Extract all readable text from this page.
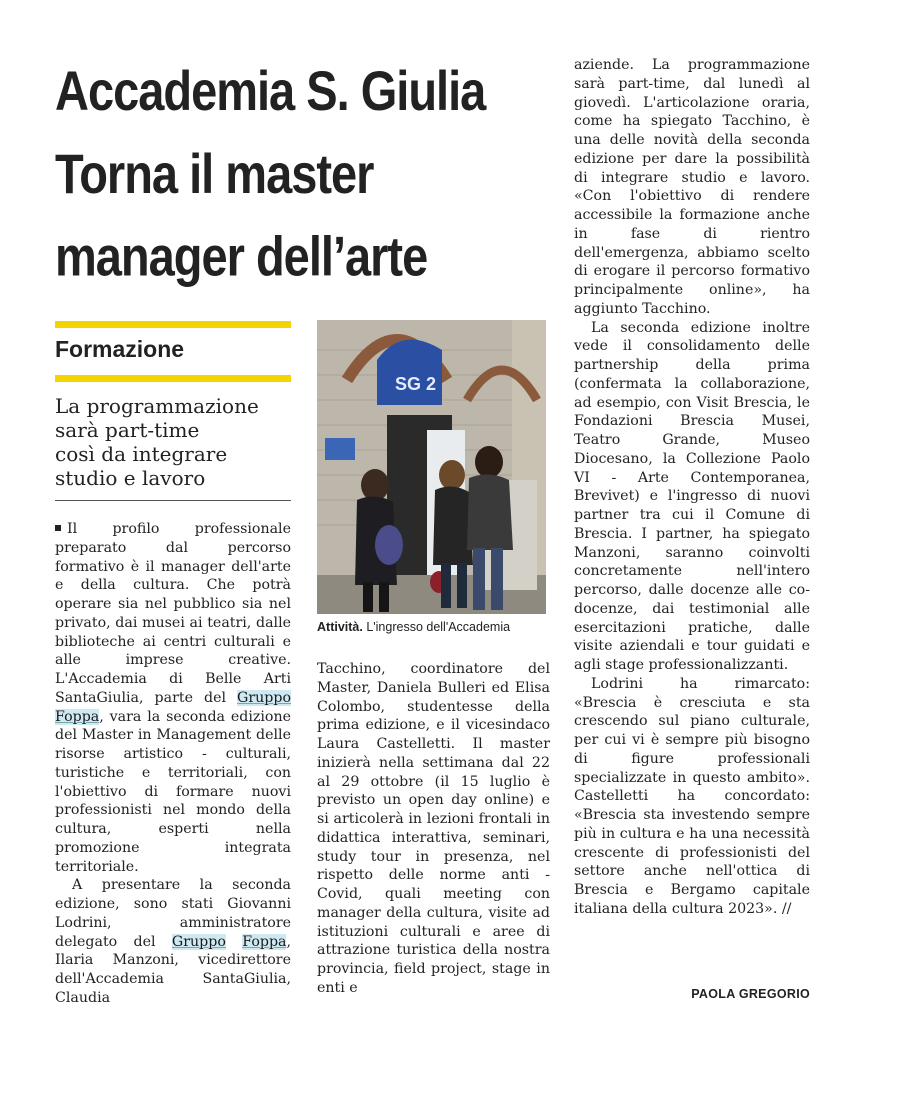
Accademia S. Giulia
Torna il master
manager dell’arte
Formazione
La programmazione
sarà part-time
così da integrare
studio e lavoro

Il profilo professionale preparato dal percorso formativo è il manager dell'arte e della cultura. Che potrà operare sia nel pubblico sia nel privato, dai musei ai teatri, dalle biblioteche ai centri culturali e alle imprese creative. L'Accademia di Belle Arti SantaGiulia, parte del Gruppo Foppa, vara la seconda edizione del Master in Management delle risorse artistico - culturali, turistiche e territoriali, con l'obiettivo di formare nuovi professionisti nel mondo della cultura, esperti nella promozione integrata territoriale.

A presentare la seconda edizione, sono stati Giovanni Lodrini, amministratore delegato del Gruppo Foppa, Ilaria Manzoni, vicedirettore dell'Accademia SantaGiulia, Claudia

SG 2
Attività. L'ingresso dell'Accademia

Tacchino, coordinatore del Master, Daniela Bulleri ed Elisa Colombo, studentesse della prima edizione, e il vicesindaco Laura Castelletti. Il master inizierà nella settimana dal 22 al 29 ottobre (il 15 luglio è previsto un open day online) e si articolerà in lezioni frontali in didattica interattiva, seminari, study tour in presenza, nel rispetto delle norme anti - Covid, quali meeting con manager della cultura, visite ad istituzioni culturali e aree di attrazione turistica della nostra provincia, field project, stage in enti e

aziende. La programmazione sarà part-time, dal lunedì al giovedì. L'articolazione oraria, come ha spiegato Tacchino, è una delle novità della seconda edizione per dare la possibilità di integrare studio e lavoro. «Con l'obiettivo di rendere accessibile la formazione anche in fase di rientro dell'emergenza, abbiamo scelto di erogare il percorso formativo principalmente online», ha aggiunto Tacchino.

La seconda edizione inoltre vede il consolidamento delle partnership della prima (confermata la collaborazione, ad esempio, con Visit Brescia, le Fondazioni Brescia Musei, Teatro Grande, Museo Diocesano, la Collezione Paolo VI - Arte Contemporanea, Brevivet) e l'ingresso di nuovi partner tra cui il Comune di Brescia. I partner, ha spiegato Manzoni, saranno coinvolti concretamente nell'intero percorso, dalle docenze alle co-docenze, dai testimonial alle esercitazioni pratiche, dalle visite aziendali e tour guidati e agli stage professionalizzanti.

Lodrini ha rimarcato: «Brescia è cresciuta e sta crescendo sul piano culturale, per cui vi è sempre più bisogno di figure professionali specializzate in questo ambito». Castelletti ha concordato: «Brescia sta investendo sempre più in cultura e ha una necessità crescente di professionisti del settore anche nell'ottica di Brescia e Bergamo capitale italiana della cultura 2023». //

PAOLA GREGORIO
